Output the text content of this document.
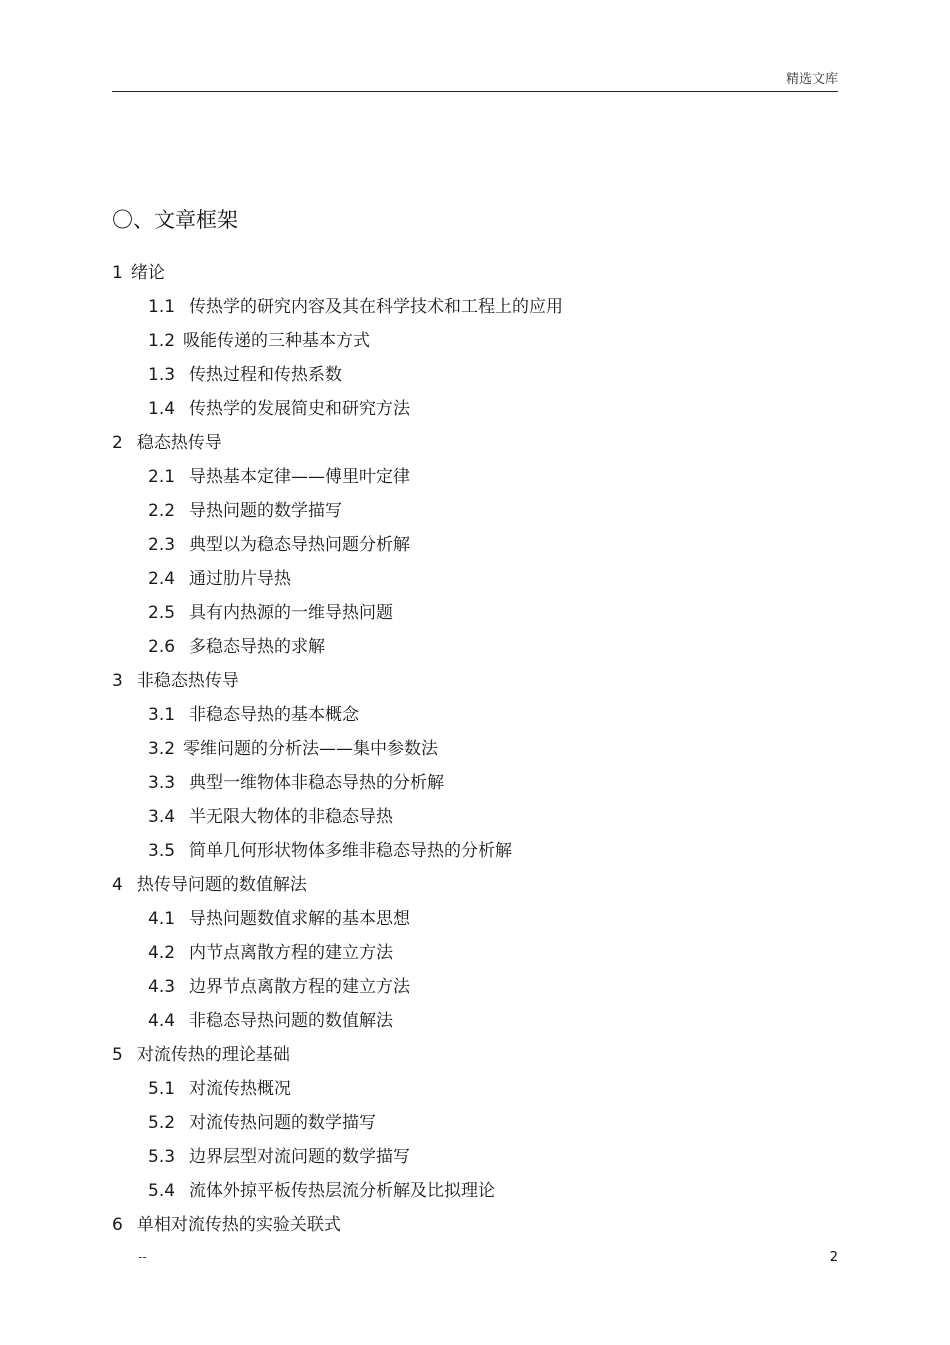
精选文库
〇、文章框架
1 绪论
1.1 传热学的研究内容及其在科学技术和工程上的应用
1.2 吸能传递的三种基本方式
1.3 传热过程和传热系数
1.4 传热学的发展简史和研究方法
2 稳态热传导
2.1 导热基本定律——傅里叶定律
2.2 导热问题的数学描写
2.3 典型以为稳态导热问题分析解
2.4 通过肋片导热
2.5 具有内热源的一维导热问题
2.6 多稳态导热的求解
3 非稳态热传导
3.1 非稳态导热的基本概念
3.2 零维问题的分析法——集中参数法
3.3 典型一维物体非稳态导热的分析解
3.4 半无限大物体的非稳态导热
3.5 简单几何形状物体多维非稳态导热的分析解
4 热传导问题的数值解法
4.1 导热问题数值求解的基本思想
4.2 内节点离散方程的建立方法
4.3 边界节点离散方程的建立方法
4.4 非稳态导热问题的数值解法
5 对流传热的理论基础
5.1 对流传热概况
5.2 对流传热问题的数学描写
5.3 边界层型对流问题的数学描写
5.4 流体外掠平板传热层流分析解及比拟理论
6 单相对流传热的实验关联式
--	2
